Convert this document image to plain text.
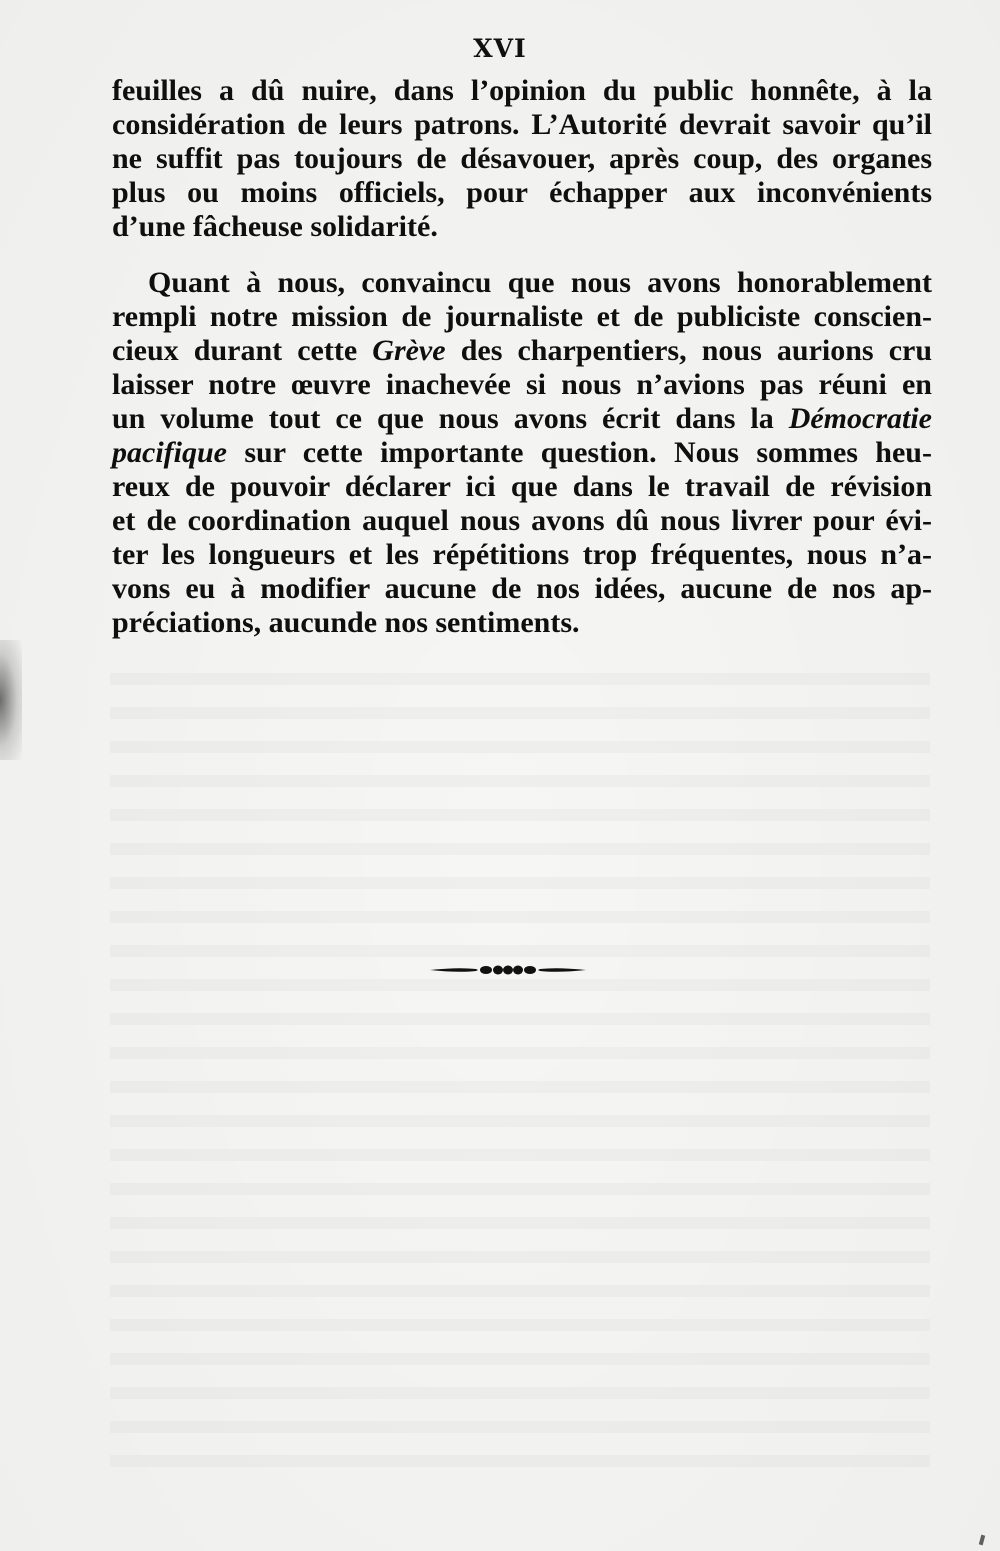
XVI
feuilles a dû nuire, dans l’opinion du public honnête, à la
considération de leurs patrons. L’Autorité devrait savoir qu’il
ne suffit pas toujours de désavouer, après coup, des organes
plus ou moins officiels, pour échapper aux inconvénients
d’une fâcheuse solidarité.
Quant à nous, convaincu que nous avons honorablement
rempli notre mission de journaliste et de publiciste conscien-
cieux durant cette Grève des charpentiers, nous aurions cru
laisser notre œuvre inachevée si nous n’avions pas réuni en
un volume tout ce que nous avons écrit dans la Démocratie
pacifique sur cette importante question. Nous sommes heu-
reux de pouvoir déclarer ici que dans le travail de révision
et de coordination auquel nous avons dû nous livrer pour évi-
ter les longueurs et les répétitions trop fréquentes, nous n’a-
vons eu à modifier aucune de nos idées, aucune de nos ap-
préciations, aucunde nos sentiments.
